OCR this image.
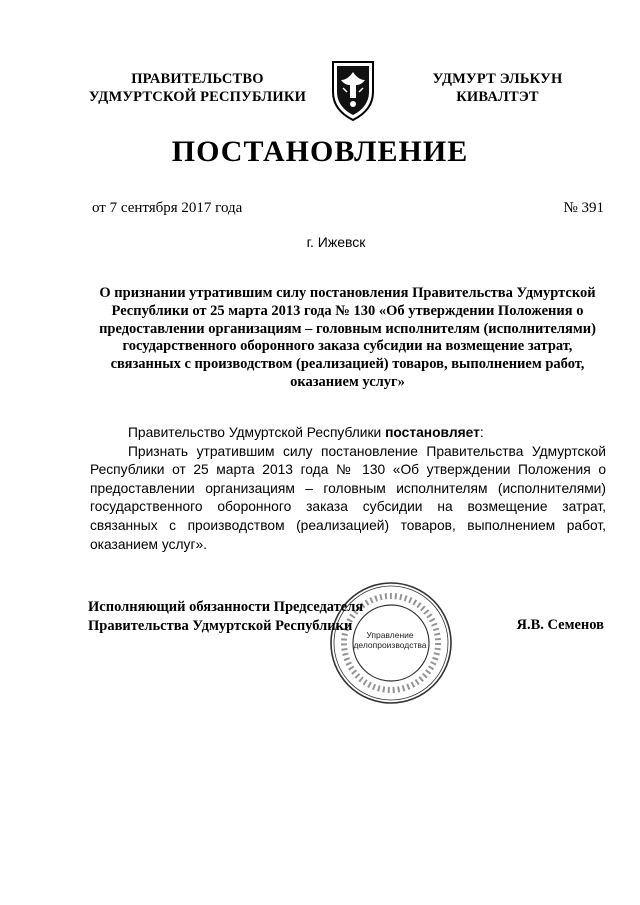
ПРАВИТЕЛЬСТВО
УДМУРТСКОЙ РЕСПУБЛИКИ
УДМУРТ ЭЛЬКУН
КИВАЛТЭТ
ПОСТАНОВЛЕНИЕ
от 7 сентября 2017 года	№ 391
г. Ижевск
О признании утратившим силу постановления Правительства Удмуртской Республики от 25 марта 2013 года № 130 «Об утверждении Положения о предоставлении организациям – головным исполнителям (исполнителями) государственного оборонного заказа субсидии на возмещение затрат, связанных с производством (реализацией) товаров, выполнением работ, оказанием услуг»

Правительство Удмуртской Республики постановляет:

Признать утратившим силу постановление Правительства Удмуртской Республики от 25 марта 2013 года № 130 «Об утверждении Положения о предоставлении организациям – головным исполнителям (исполнителями) государственного оборонного заказа субсидии на возмещение затрат, связанных с производством (реализацией) товаров, выполнением работ, оказанием услуг».

Управление
делопроизводства
Исполняющий обязанности Председателя
Правительства Удмуртской Республики	Я.В. Семенов
